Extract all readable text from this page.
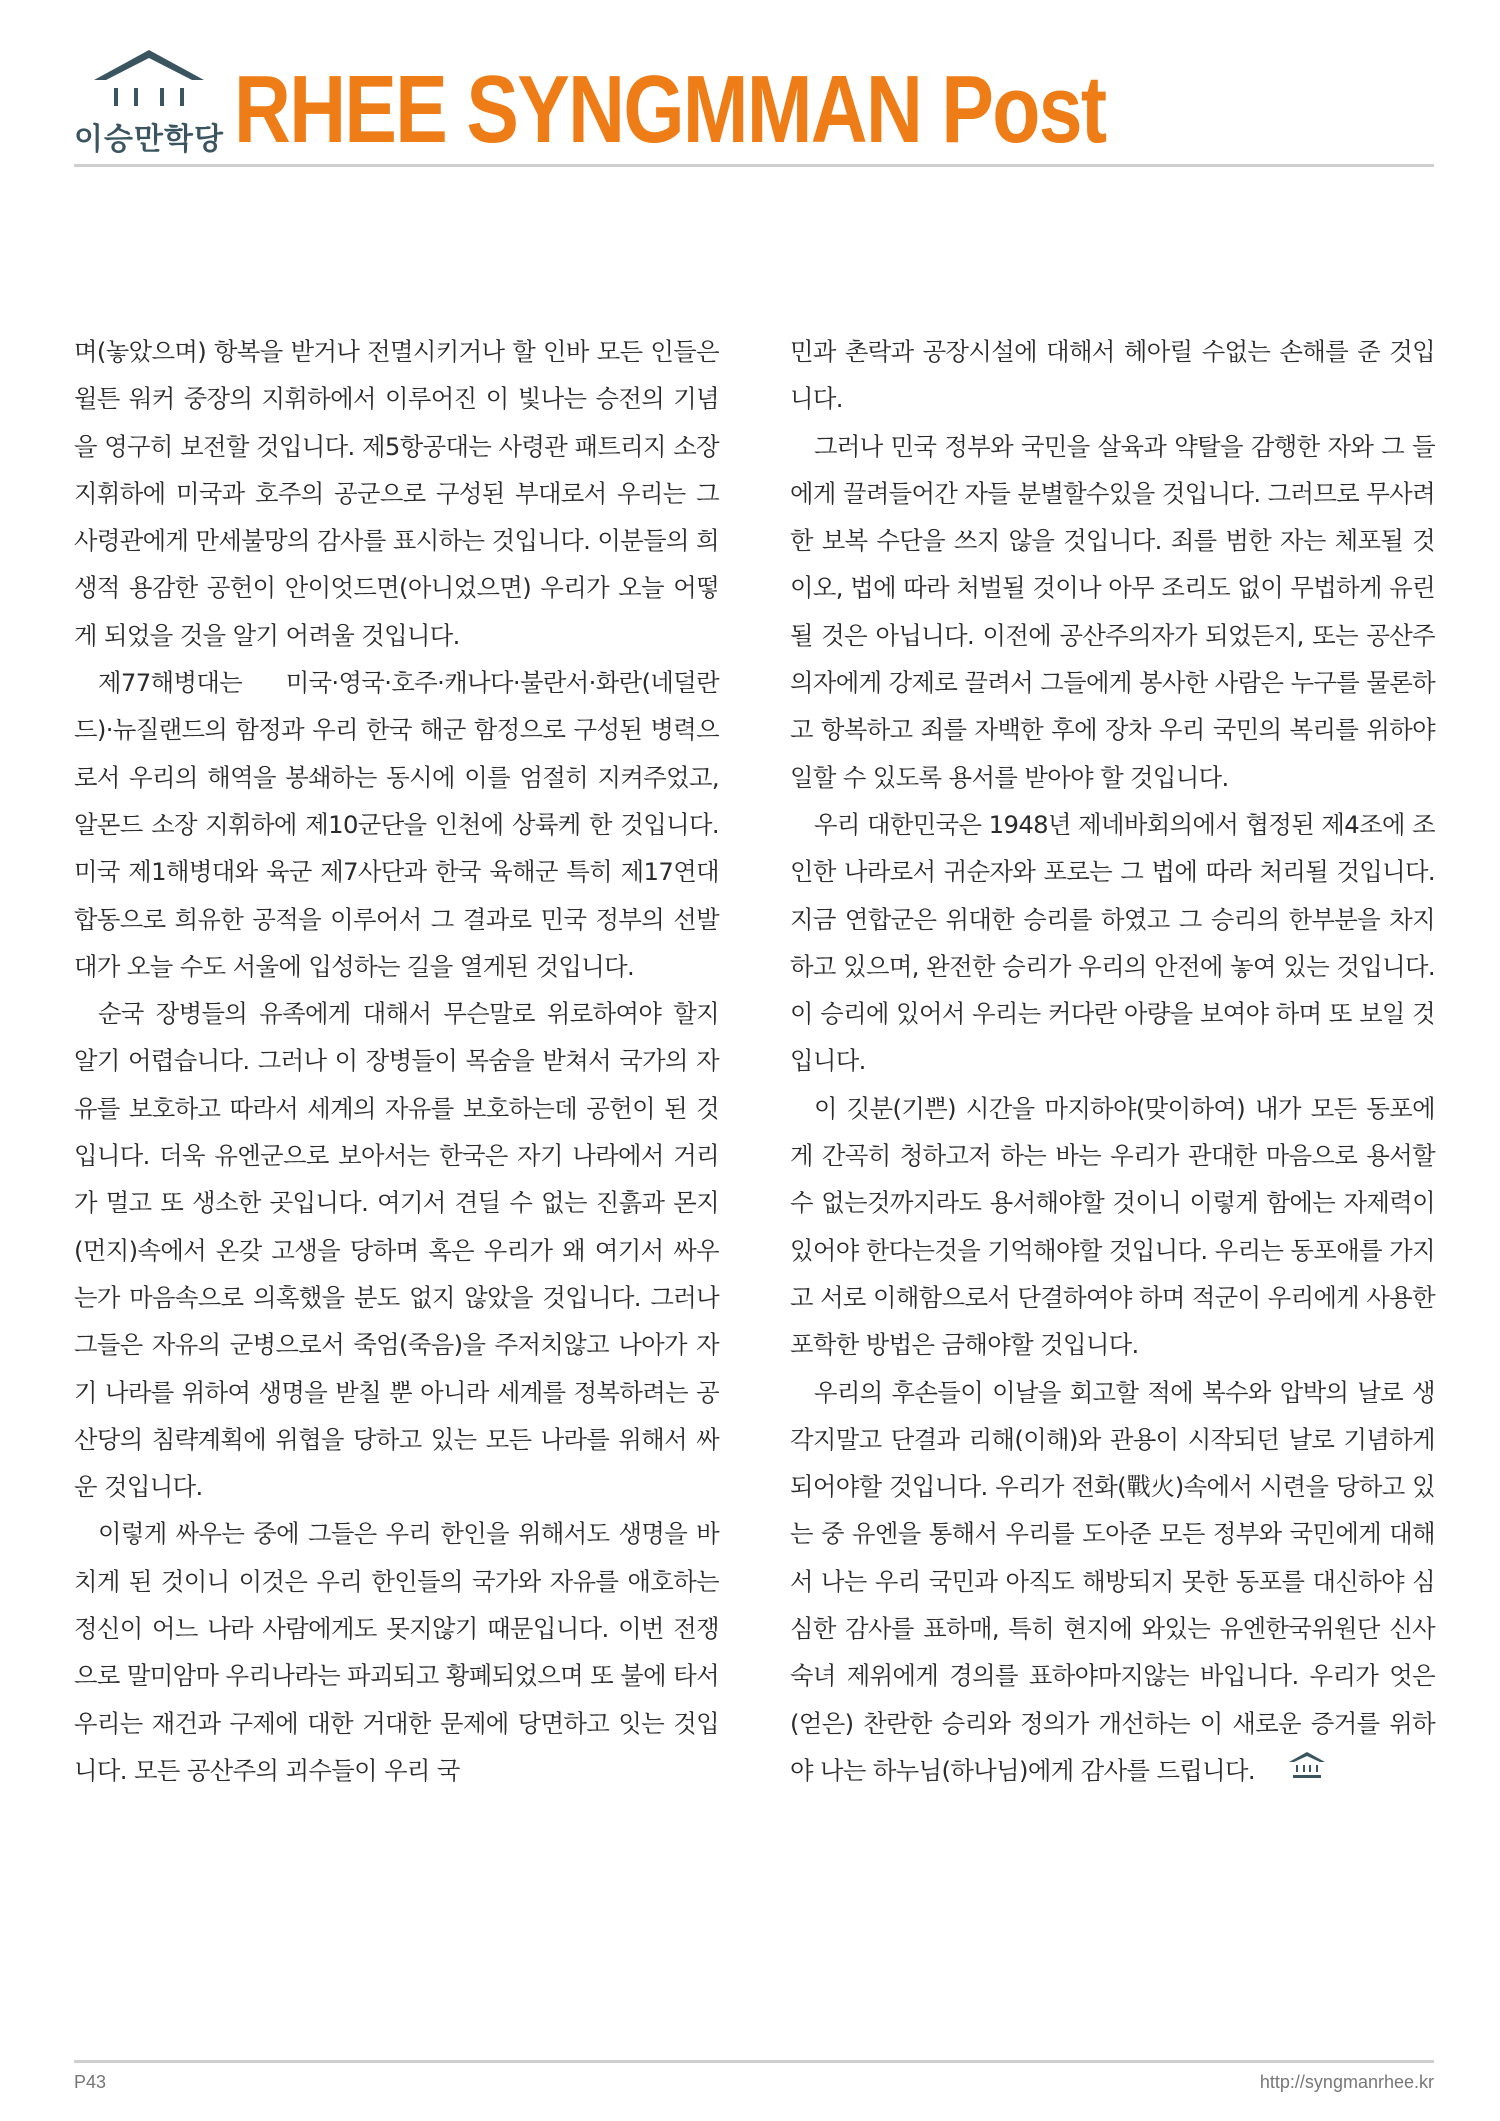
이승만학당 RHEE SYNGMMAN Post

며(놓았으며) 항복을 받거나 전멸시키거나 할 인바 모든 인들은 윌튼 워커 중장의 지휘하에서 이루어진 이 빛나는 승전의 기념을 영구히 보전할 것입니다. 제5항공대는 사령관 패트리지 소장 지휘하에 미국과 호주의 공군으로 구성된 부대로서 우리는 그 사령관에게 만세불망의 감사를 표시하는 것입니다. 이분들의 희생적 용감한 공헌이 안이엇드면(아니었으면) 우리가 오늘 어떻게 되었을 것을 알기 어려울 것입니다.

제77해병대는 미국·영국·호주·캐나다·불란서·화란(네덜란드)·뉴질랜드의 함정과 우리 한국 해군 함정으로 구성된 병력으로서 우리의 해역을 봉쇄하는 동시에 이를 엄절히 지켜주었고, 알몬드 소장 지휘하에 제10군단을 인천에 상륙케 한 것입니다. 미국 제1해병대와 육군 제7사단과 한국 육해군 특히 제17연대 합동으로 희유한 공적을 이루어서 그 결과로 민국 정부의 선발대가 오늘 수도 서울에 입성하는 길을 열게된 것입니다.

순국 장병들의 유족에게 대해서 무슨말로 위로하여야 할지 알기 어렵습니다. 그러나 이 장병들이 목숨을 받쳐서 국가의 자유를 보호하고 따라서 세계의 자유를 보호하는데 공헌이 된 것입니다. 더욱 유엔군으로 보아서는 한국은 자기 나라에서 거리가 멀고 또 생소한 곳입니다. 여기서 견딜 수 없는 진흙과 몬지(먼지)속에서 온갖 고생을 당하며 혹은 우리가 왜 여기서 싸우는가 마음속으로 의혹했을 분도 없지 않았을 것입니다. 그러나 그들은 자유의 군병으로서 죽엄(죽음)을 주저치않고 나아가 자기 나라를 위하여 생명을 받칠 뿐 아니라 세계를 정복하려는 공산당의 침략계획에 위협을 당하고 있는 모든 나라를 위해서 싸운 것입니다.

이렇게 싸우는 중에 그들은 우리 한인을 위해서도 생명을 바치게 된 것이니 이것은 우리 한인들의 국가와 자유를 애호하는 정신이 어느 나라 사람에게도 못지않기 때문입니다. 이번 전쟁으로 말미암마 우리나라는 파괴되고 황폐되었으며 또 불에 타서 우리는 재건과 구제에 대한 거대한 문제에 당면하고 잇는 것입니다. 모든 공산주의 괴수들이 우리 국

민과 촌락과 공장시설에 대해서 헤아릴 수없는 손해를 준 것입니다.

그러나 민국 정부와 국민을 살육과 약탈을 감행한 자와 그 들에게 끌려들어간 자들 분별할수있을 것입니다. 그러므로 무사려한 보복 수단을 쓰지 않을 것입니다. 죄를 범한 자는 체포될 것이오, 법에 따라 처벌될 것이나 아무 조리도 없이 무법하게 유린될 것은 아닙니다. 이전에 공산주의자가 되었든지, 또는 공산주의자에게 강제로 끌려서 그들에게 봉사한 사람은 누구를 물론하고 항복하고 죄를 자백한 후에 장차 우리 국민의 복리를 위하야 일할 수 있도록 용서를 받아야 할 것입니다.

우리 대한민국은 1948년 제네바회의에서 협정된 제4조에 조인한 나라로서 귀순자와 포로는 그 법에 따라 처리될 것입니다. 지금 연합군은 위대한 승리를 하였고 그 승리의 한부분을 차지하고 있으며, 완전한 승리가 우리의 안전에 놓여 있는 것입니다. 이 승리에 있어서 우리는 커다란 아량을 보여야 하며 또 보일 것입니다.

이 깃분(기쁜) 시간을 마지하야(맞이하여) 내가 모든 동포에게 간곡히 청하고저 하는 바는 우리가 관대한 마음으로 용서할 수 없는것까지라도 용서해야할 것이니 이렇게 함에는 자제력이 있어야 한다는것을 기억해야할 것입니다. 우리는 동포애를 가지고 서로 이해함으로서 단결하여야 하며 적군이 우리에게 사용한 포학한 방법은 금해야할 것입니다.

우리의 후손들이 이날을 회고할 적에 복수와 압박의 날로 생각지말고 단결과 리해(이해)와 관용이 시작되던 날로 기념하게 되어야할 것입니다. 우리가 전화(戰火)속에서 시련을 당하고 있는 중 유엔을 통해서 우리를 도아준 모든 정부와 국민에게 대해서 나는 우리 국민과 아직도 해방되지 못한 동포를 대신하야 심심한 감사를 표하매, 특히 현지에 와있는 유엔한국위원단 신사 숙녀 제위에게 경의를 표하야마지않는 바입니다. 우리가 엇은(얻은) 찬란한 승리와 정의가 개선하는 이 새로운 증거를 위하야 나는 하누님(하나님)에게 감사를 드립니다.

P43	http://syngmanrhee.kr
